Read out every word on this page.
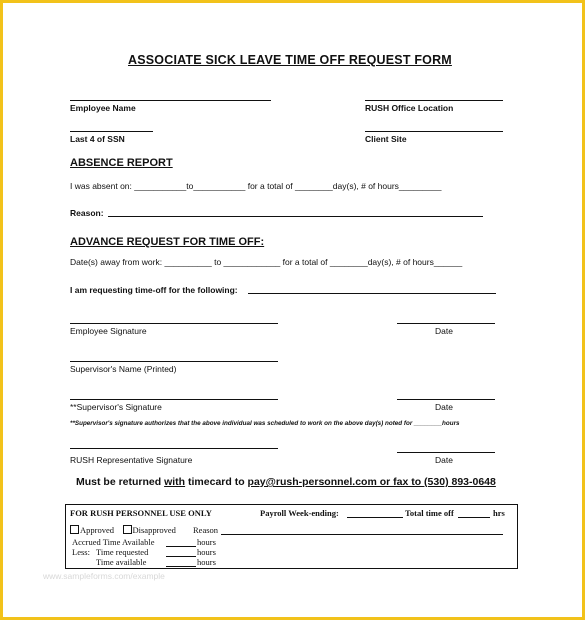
ASSOCIATE SICK LEAVE TIME OFF REQUEST FORM
Employee Name	RUSH Office Location
Last 4 of SSN	Client Site
ABSENCE REPORT
I was absent on: ___________to___________ for a total of ________day(s), # of hours_________
Reason:
ADVANCE REQUEST FOR TIME OFF:
Date(s) away from work: __________ to ____________ for a total of ________day(s), # of hours______
I am requesting time-off for the following:
Employee Signature	Date
Supervisor's Name (Printed)
**Supervisor's Signature	Date
**Supervisor's signature authorizes that the above individual was scheduled to work on the above day(s) noted for ________hours
RUSH Representative Signature	Date
Must be returned with timecard to pay@rush-personnel.com or fax to (530) 893-0648
FOR RUSH PERSONNEL USE ONLY	Payroll Week-ending:	Total time off	hrs
Approved Disapproved Reason
Accrued Time Available	hours
Less: Time requested	hours
Time available	hours
www.sampleforms.com/example
